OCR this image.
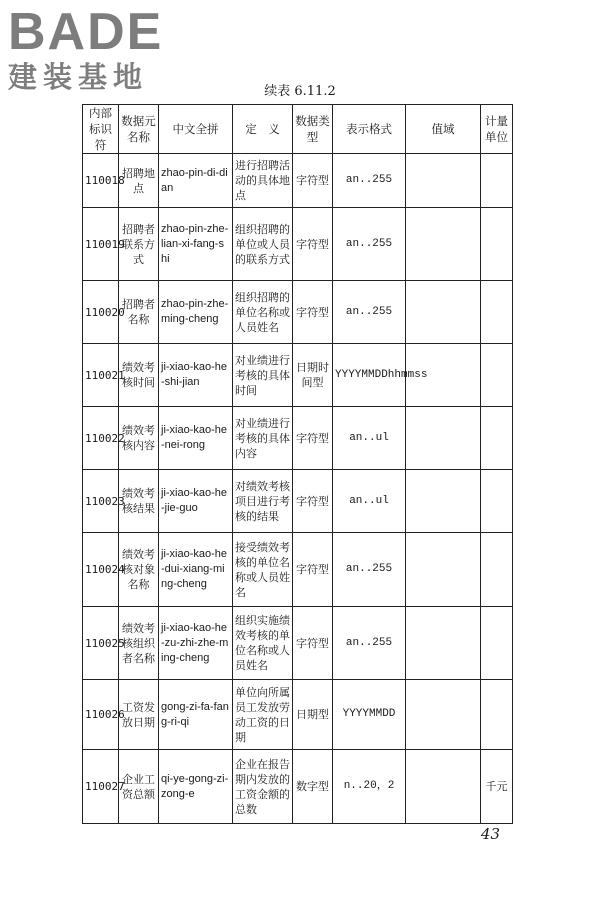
BADE
建装基地	续表 6.11.2
内部标识符	数据元名称	中文全拼	定　义	数据类型	表示格式	值域	计量单位
110018	招聘地点	zhao-pin-di-dian	进行招聘活动的具体地点	字符型	an..255		
110019	招聘者联系方式	zhao-pin-zhe-lian-xi-fang-shi	组织招聘的单位或人员的联系方式	字符型	an..255		
110020	招聘者名称	zhao-pin-zhe-ming-cheng	组织招聘的单位名称或人员姓名	字符型	an..255		
110021	绩效考核时间	ji-xiao-kao-he-shi-jian	对业绩进行考核的具体时间	日期时间型	YYYYMMDDhhmmss		
110022	绩效考核内容	ji-xiao-kao-he-nei-rong	对业绩进行考核的具体内容	字符型	an..ul		
110023	绩效考核结果	ji-xiao-kao-he-jie-guo	对绩效考核项目进行考核的结果	字符型	an..ul		
110024	绩效考核对象名称	ji-xiao-kao-he-dui-xiang-ming-cheng	接受绩效考核的单位名称或人员姓名	字符型	an..255		
110025	绩效考核组织者名称	ji-xiao-kao-he-zu-zhi-zhe-ming-cheng	组织实施绩效考核的单位名称或人员姓名	字符型	an..255		
110026	工资发放日期	gong-zi-fa-fang-ri-qi	单位向所属员工发放劳动工资的日期	日期型	YYYYMMDD		
110027	企业工资总额	qi-ye-gong-zi-zong-e	企业在报告期内发放的工资金额的总数	数字型	n..20，2		千元
43
